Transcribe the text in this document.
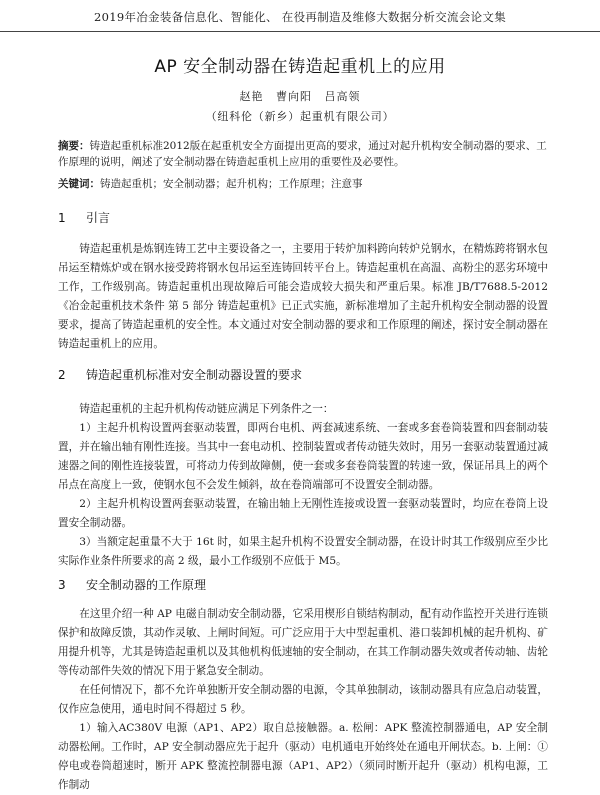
2019年冶金装备信息化、智能化、 在役再制造及维修大数据分析交流会论文集
AP 安全制动器在铸造起重机上的应用
赵艳 曹向阳 吕高领
（纽科伦（新乡）起重机有限公司）
摘要：铸造起重机标准2012版在起重机安全方面提出更高的要求，通过对起升机构安全制动器的要求、工作原理的说明，阐述了安全制动器在铸造起重机上应用的重要性及必要性。
关键词：铸造起重机；安全制动器；起升机构；工作原理；注意事
1 引言

铸造起重机是炼钢连铸工艺中主要设备之一，主要用于转炉加料跨向转炉兑钢水，在精炼跨将钢水包吊运至精炼炉或在钢水接受跨将钢水包吊运至连铸回转平台上。铸造起重机在高温、高粉尘的恶劣环境中工作，工作级别高。铸造起重机出现故障后可能会造成较大损失和严重后果。标准 JB/T7688.5-2012《冶金起重机技术条件 第 5 部分 铸造起重机》已正式实施，新标准增加了主起升机构安全制动器的设置要求，提高了铸造起重机的安全性。本文通过对安全制动器的要求和工作原理的阐述，探讨安全制动器在铸造起重机上的应用。

2 铸造起重机标准对安全制动器设置的要求

铸造起重机的主起升机构传动链应满足下列条件之一：

1）主起升机构设置两套驱动装置，即两台电机、两套减速系统、一套或多套卷筒装置和四套制动装置，并在输出轴有刚性连接。当其中一套电动机、控制装置或者传动链失效时，用另一套驱动装置通过减速器之间的刚性连接装置，可将动力传到故障侧，使一套或多套卷筒装置的转速一致，保证吊具上的两个吊点在高度上一致，使钢水包不会发生倾斜，故在卷筒端部可不设置安全制动器。

2）主起升机构设置两套驱动装置，在输出轴上无刚性连接或设置一套驱动装置时，均应在卷筒上设置安全制动器。

3）当额定起重量不大于 16t 时，如果主起升机构不设置安全制动器，在设计时其工作级别应至少比实际作业条件所要求的高 2 级，最小工作级别不应低于 M5。

3 安全制动器的工作原理

在这里介绍一种 AP 电磁自制动安全制动器，它采用楔形自锁结构制动，配有动作监控开关进行连锁保护和故障反馈，其动作灵敏、上闸时间短。可广泛应用于大中型起重机、港口装卸机械的起升机构、矿用提升机等，尤其是铸造起重机以及其他机构低速轴的安全制动，在其工作制动器失效或者传动轴、齿轮等传动部件失效的情况下用于紧急安全制动。

在任何情况下，都不允许单独断开安全制动器的电源，令其单独制动，该制动器具有应急启动装置，仅作应急使用，通电时间不得超过 5 秒。

1）输入AC380V 电源（AP1、AP2）取自总接触器。a. 松闸：APK 整流控制器通电，AP 安全制动器松闸。工作时，AP 安全制动器应先于起升（驱动）电机通电开始终处在通电开闸状态。b. 上闸：①停电或卷筒超速时，断开 APK 整流控制器电源（AP1、AP2）（须同时断开起升（驱动）机构电源，工作制动
